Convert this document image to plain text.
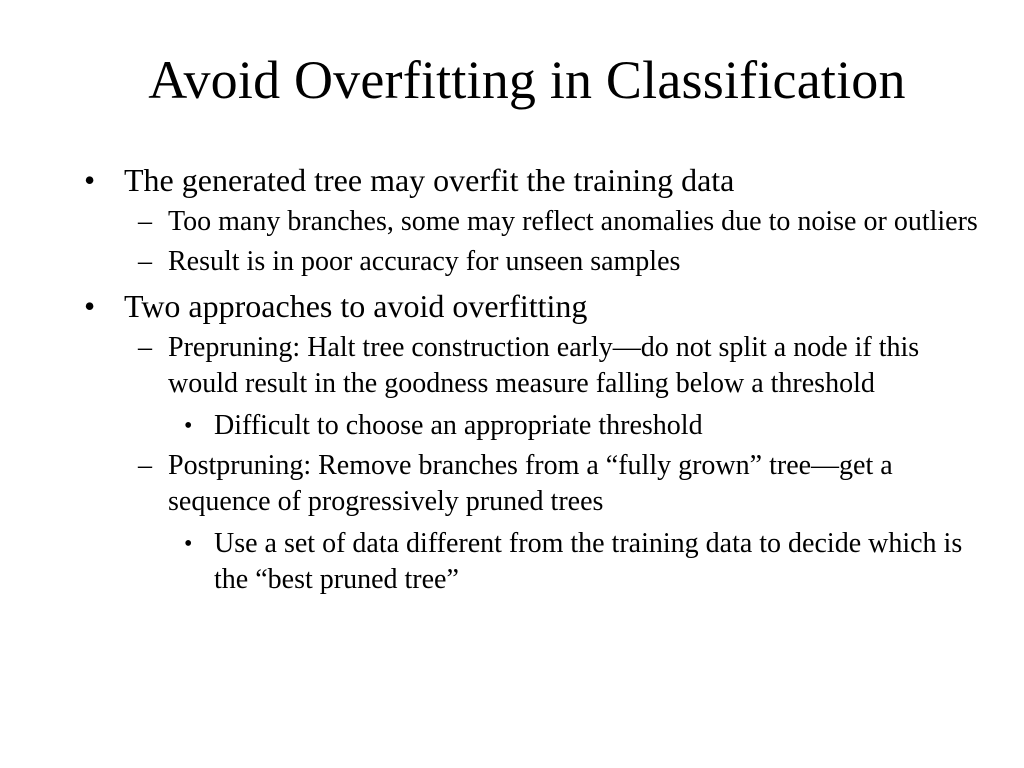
Avoid Overfitting in Classification
• The generated tree may overfit the training data
– Too many branches, some may reflect anomalies due to noise or outliers
– Result is in poor accuracy for unseen samples
• Two approaches to avoid overfitting
– Prepruning: Halt tree construction early—do not split a node if this would result in the goodness measure falling below a threshold
• Difficult to choose an appropriate threshold
– Postpruning: Remove branches from a “fully grown” tree—get a sequence of progressively pruned trees
• Use a set of data different from the training data to decide which is the “best pruned tree”
